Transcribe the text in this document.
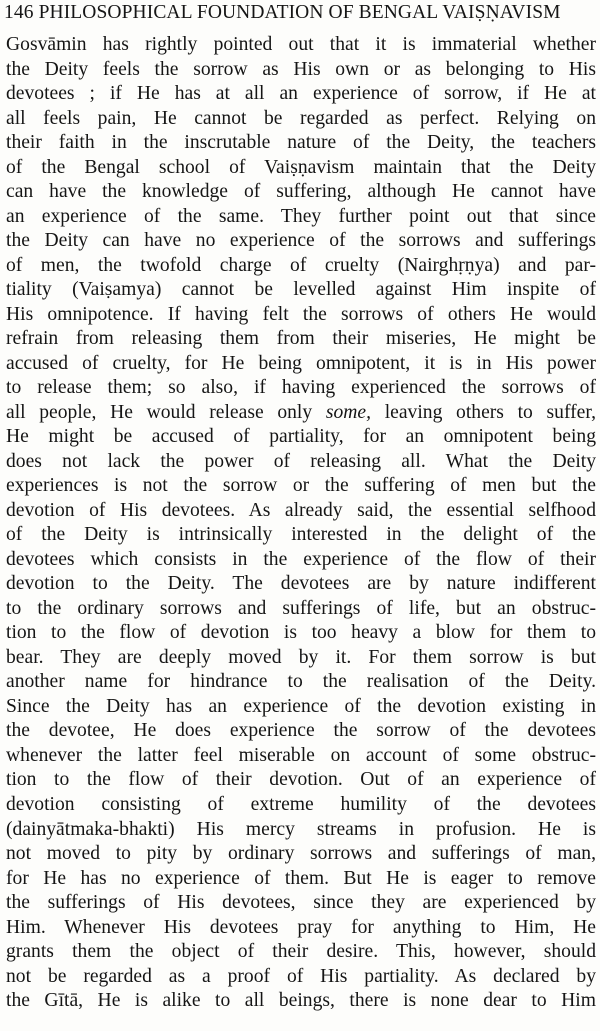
146 PHILOSOPHICAL FOUNDATION OF BENGAL VAIṢṆAVISM
Gosvāmin has rightly pointed out that it is immaterial whether
the Deity feels the sorrow as His own or as belonging to His
devotees ; if He has at all an experience of sorrow, if He at
all feels pain, He cannot be regarded as perfect. Relying on
their faith in the inscrutable nature of the Deity, the teachers
of the Bengal school of Vaiṣṇavism maintain that the Deity
can have the knowledge of suffering, although He cannot have
an experience of the same. They further point out that since
the Deity can have no experience of the sorrows and sufferings
of men, the twofold charge of cruelty (Nairghṛṇya) and par-
tiality (Vaiṣamya) cannot be levelled against Him inspite of
His omnipotence. If having felt the sorrows of others He would
refrain from releasing them from their miseries, He might be
accused of cruelty, for He being omnipotent, it is in His power
to release them; so also, if having experienced the sorrows of
all people, He would release only some, leaving others to suffer,
He might be accused of partiality, for an omnipotent being
does not lack the power of releasing all. What the Deity
experiences is not the sorrow or the suffering of men but the
devotion of His devotees. As already said, the essential selfhood
of the Deity is intrinsically interested in the delight of the
devotees which consists in the experience of the flow of their
devotion to the Deity. The devotees are by nature indifferent
to the ordinary sorrows and sufferings of life, but an obstruc-
tion to the flow of devotion is too heavy a blow for them to
bear. They are deeply moved by it. For them sorrow is but
another name for hindrance to the realisation of the Deity.
Since the Deity has an experience of the devotion existing in
the devotee, He does experience the sorrow of the devotees
whenever the latter feel miserable on account of some obstruc-
tion to the flow of their devotion. Out of an experience of
devotion consisting of extreme humility of the devotees
(dainyātmaka-bhakti) His mercy streams in profusion. He is
not moved to pity by ordinary sorrows and sufferings of man,
for He has no experience of them. But He is eager to remove
the sufferings of His devotees, since they are experienced by
Him. Whenever His devotees pray for anything to Him, He
grants them the object of their desire. This, however, should
not be regarded as a proof of His partiality. As declared by
the Gītā, He is alike to all beings, there is none dear to Him
